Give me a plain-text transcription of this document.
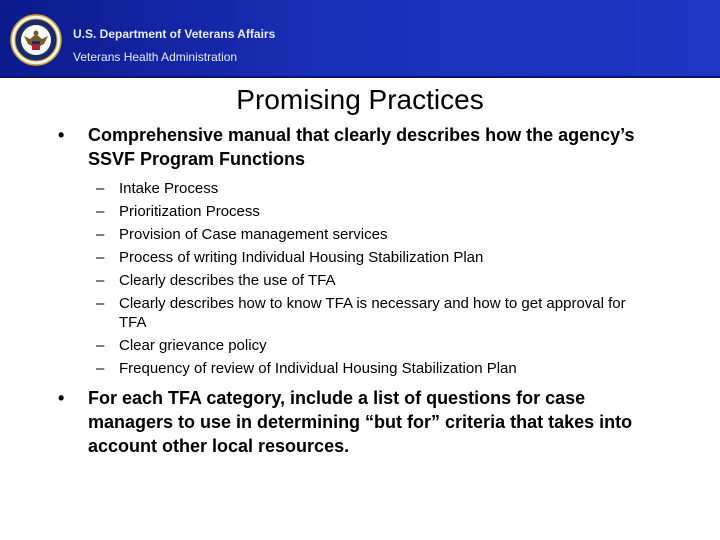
U.S. Department of Veterans Affairs
Veterans Health Administration
Promising Practices
• Comprehensive manual that clearly describes how the agency’s SSVF Program Functions
– Intake Process
– Prioritization Process
– Provision of Case management services
– Process of writing Individual Housing Stabilization Plan
– Clearly describes the use of TFA
– Clearly describes how to know TFA is necessary and how to get approval for TFA
– Clear grievance policy
– Frequency of review of Individual Housing Stabilization Plan
• For each TFA category, include a list of questions for case managers to use in determining “but for” criteria that takes into account other local resources.
